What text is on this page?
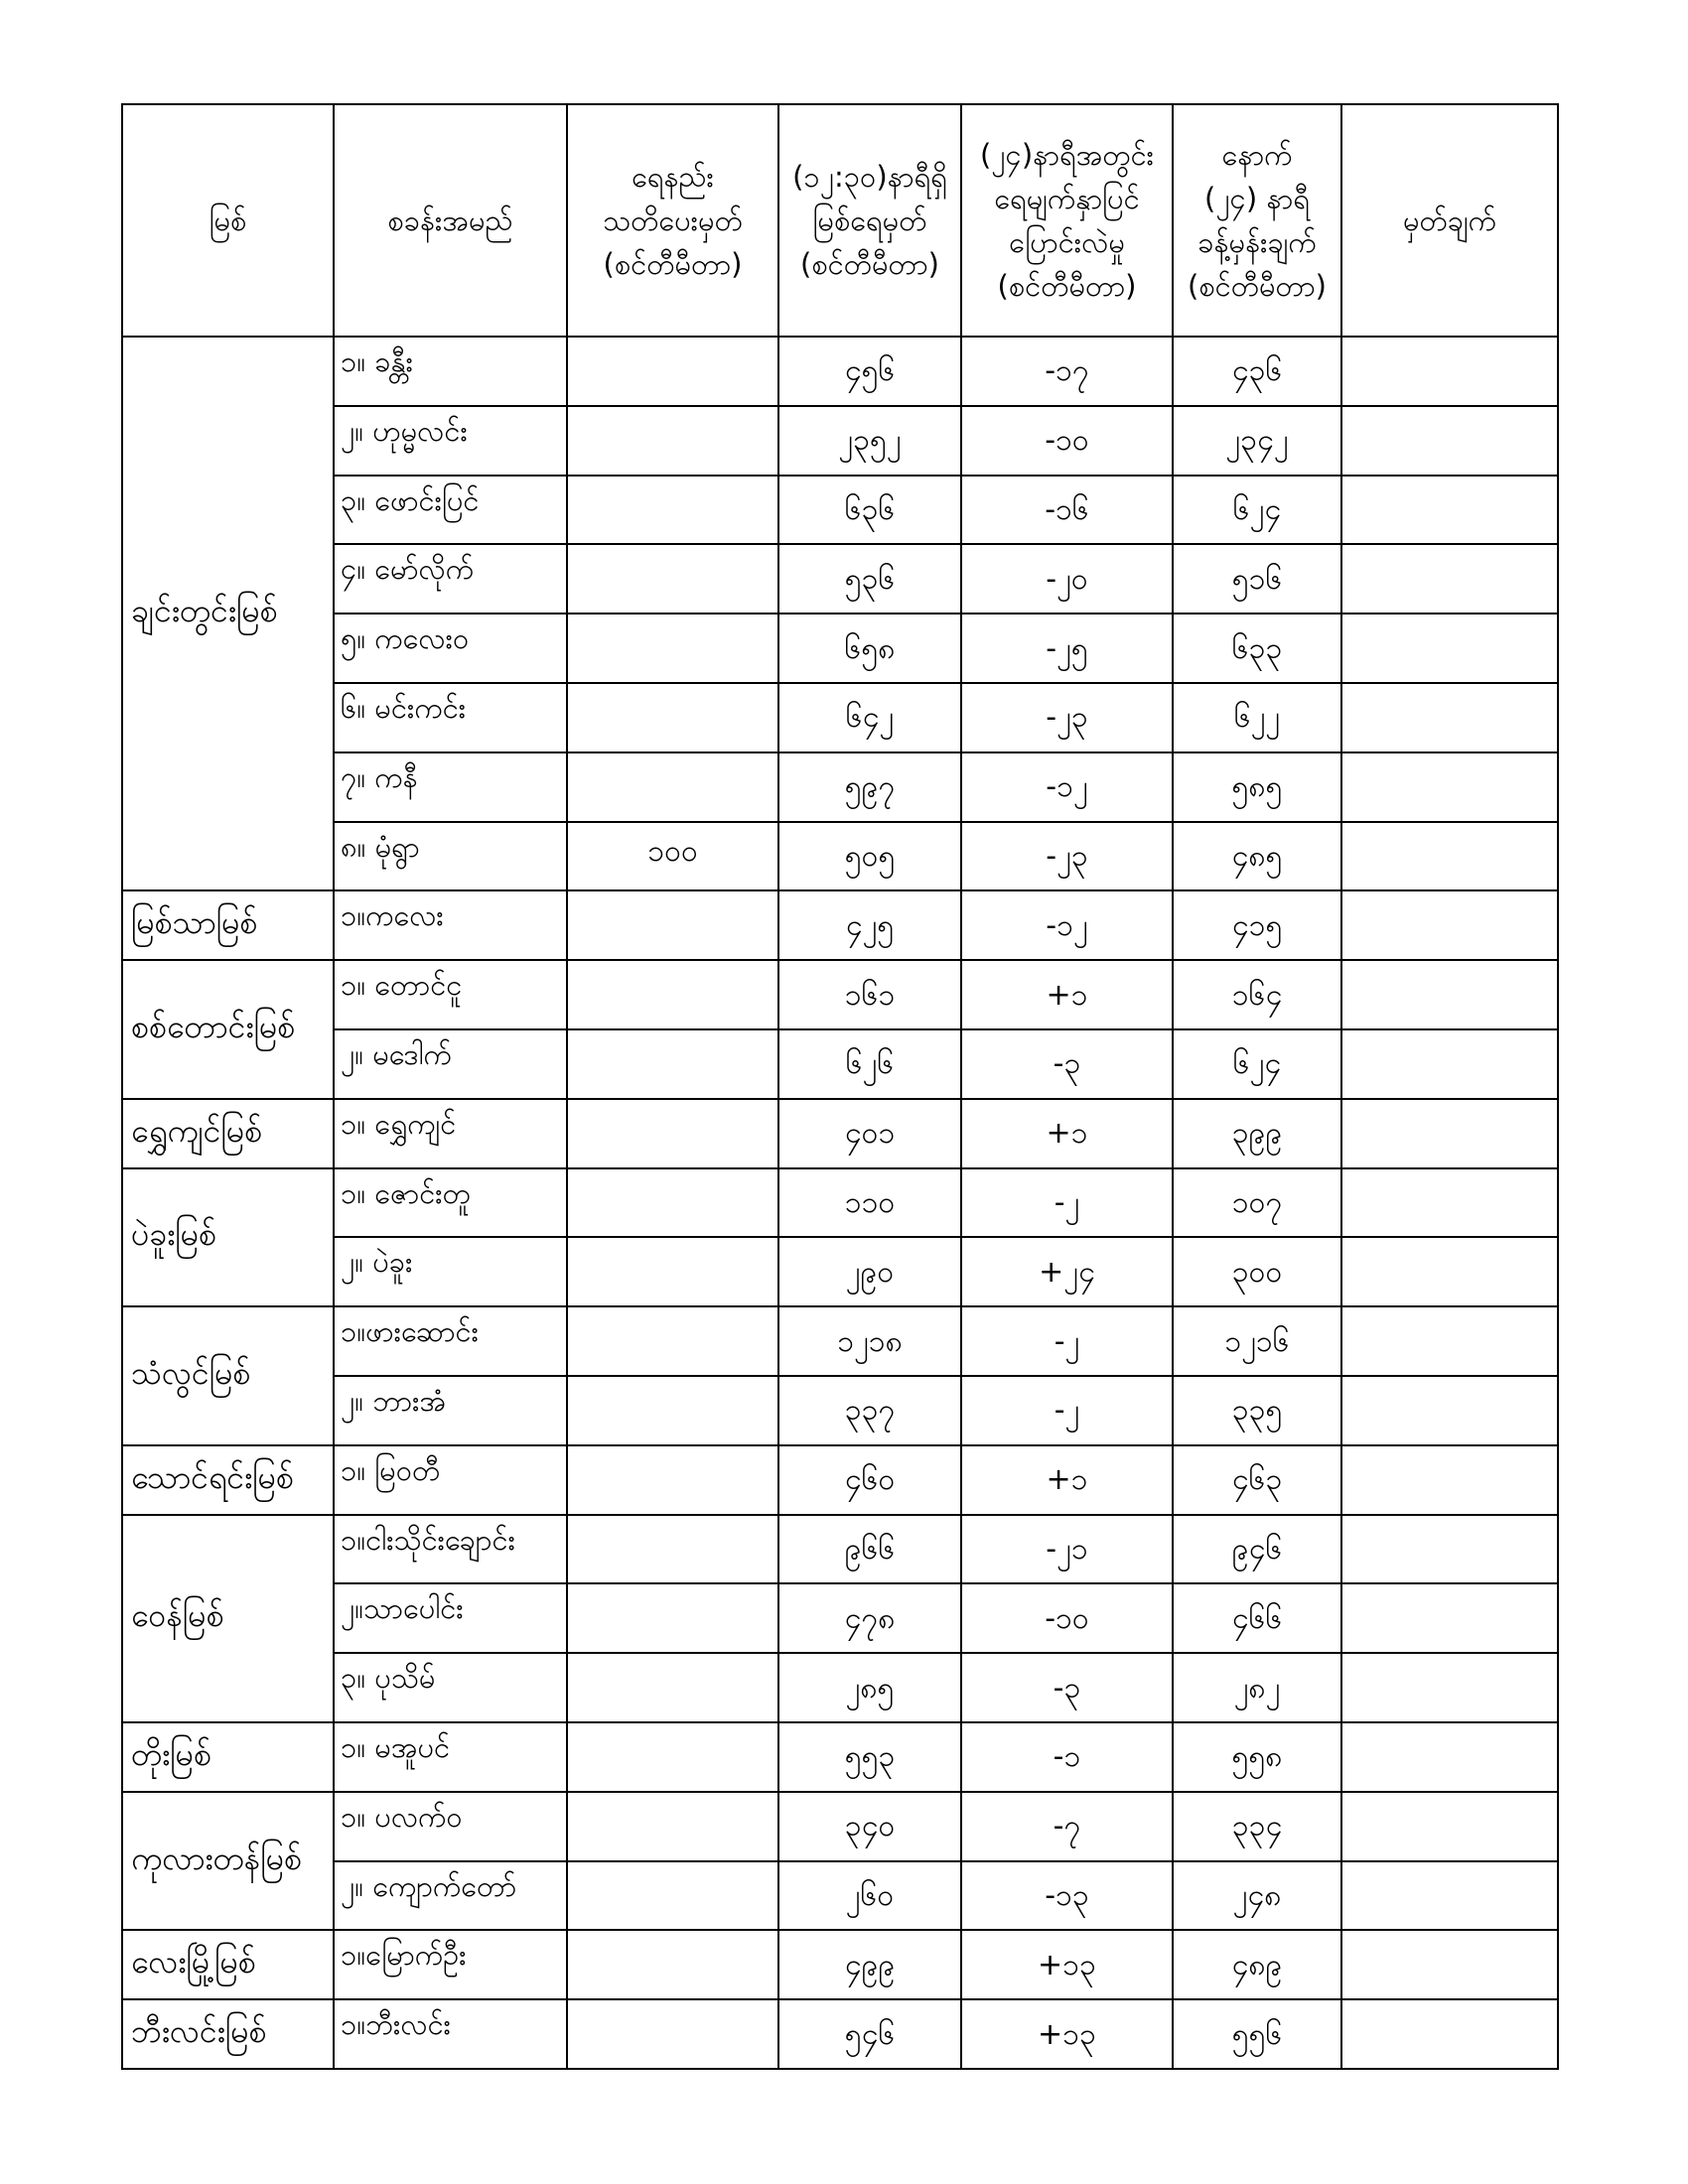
မြစ်	စခန်းအမည်	ရေနည်း
သတိပေးမှတ်
(စင်တီမီတာ)	(၁၂:၃၀)နာရီရှိ
မြစ်ရေမှတ်
(စင်တီမီတာ)	(၂၄)နာရီအတွင်း
ရေမျက်နှာပြင်
ပြောင်းလဲမှု
(စင်တီမီတာ)	နောက်
(၂၄) နာရီ
ခန့်မှန်းချက်
(စင်တီမီတာ)	မှတ်ချက်
ချင်းတွင်းမြစ်	၁။ ခန္တီး		၄၅၆	-၁၇	၄၃၆	
	၂။ ဟုမ္မလင်း		၂၃၅၂	-၁၀	၂၃၄၂	
	၃။ ဖောင်းပြင်		၆၃၆	-၁၆	၆၂၄	
	၄။ မော်လိုက်		၅၃၆	-၂၀	၅၁၆	
	၅။ ကလေးဝ		၆၅၈	-၂၅	၆၃၃	
	၆။ မင်းကင်း		၆၄၂	-၂၃	၆၂၂	
	၇။ ကနီ		၅၉၇	-၁၂	၅၈၅	
	၈။ မုံရွာ	၁၀၀	၅၀၅	-၂၃	၄၈၅	
မြစ်သာမြစ်	၁။ကလေး		၄၂၅	-၁၂	၄၁၅	
စစ်တောင်းမြစ်	၁။ တောင်ငူ		၁၆၁	+၁	၁၆၄	
	၂။ မဒေါက်		၆၂၆	-၃	၆၂၄	
ရွှေကျင်မြစ်	၁။ ရွှေကျင်		၄၀၁	+၁	၃၉၉	
ပဲခူးမြစ်	၁။ ဇောင်းတူ		၁၁၀	-၂	၁၀၇	
	၂။ ပဲခူး		၂၉၀	+၂၄	၃၀၀	
သံလွင်မြစ်	၁။ဖားဆောင်း		၁၂၁၈	-၂	၁၂၁၆	
	၂။ ဘားအံ		၃၃၇	-၂	၃၃၅	
သောင်ရင်းမြစ်	၁။ မြဝတီ		၄၆၀	+၁	၄၆၃	
ဝေန်မြစ်	၁။ငါးသိုင်းချောင်း		၉၆၆	-၂၁	၉၄၆	
	၂။သာပေါင်း		၄၇၈	-၁၀	၄၆၆	
	၃။ ပုသိမ်		၂၈၅	-၃	၂၈၂	
တိုးမြစ်	၁။ မအူပင်		၅၅၃	-၁	၅၅၈	
ကုလားတန်မြစ်	၁။ ပလက်ဝ		၃၄၀	-၇	၃၃၄	
	၂။ ကျောက်တော်		၂၆၀	-၁၃	၂၄၈	
လေးမြို့မြစ်	၁။မြောက်ဦး		၄၉၉	+၁၃	၄၈၉	
ဘီးလင်းမြစ်	၁။ဘီးလင်း		၅၄၆	+၁၃	၅၅၆	
